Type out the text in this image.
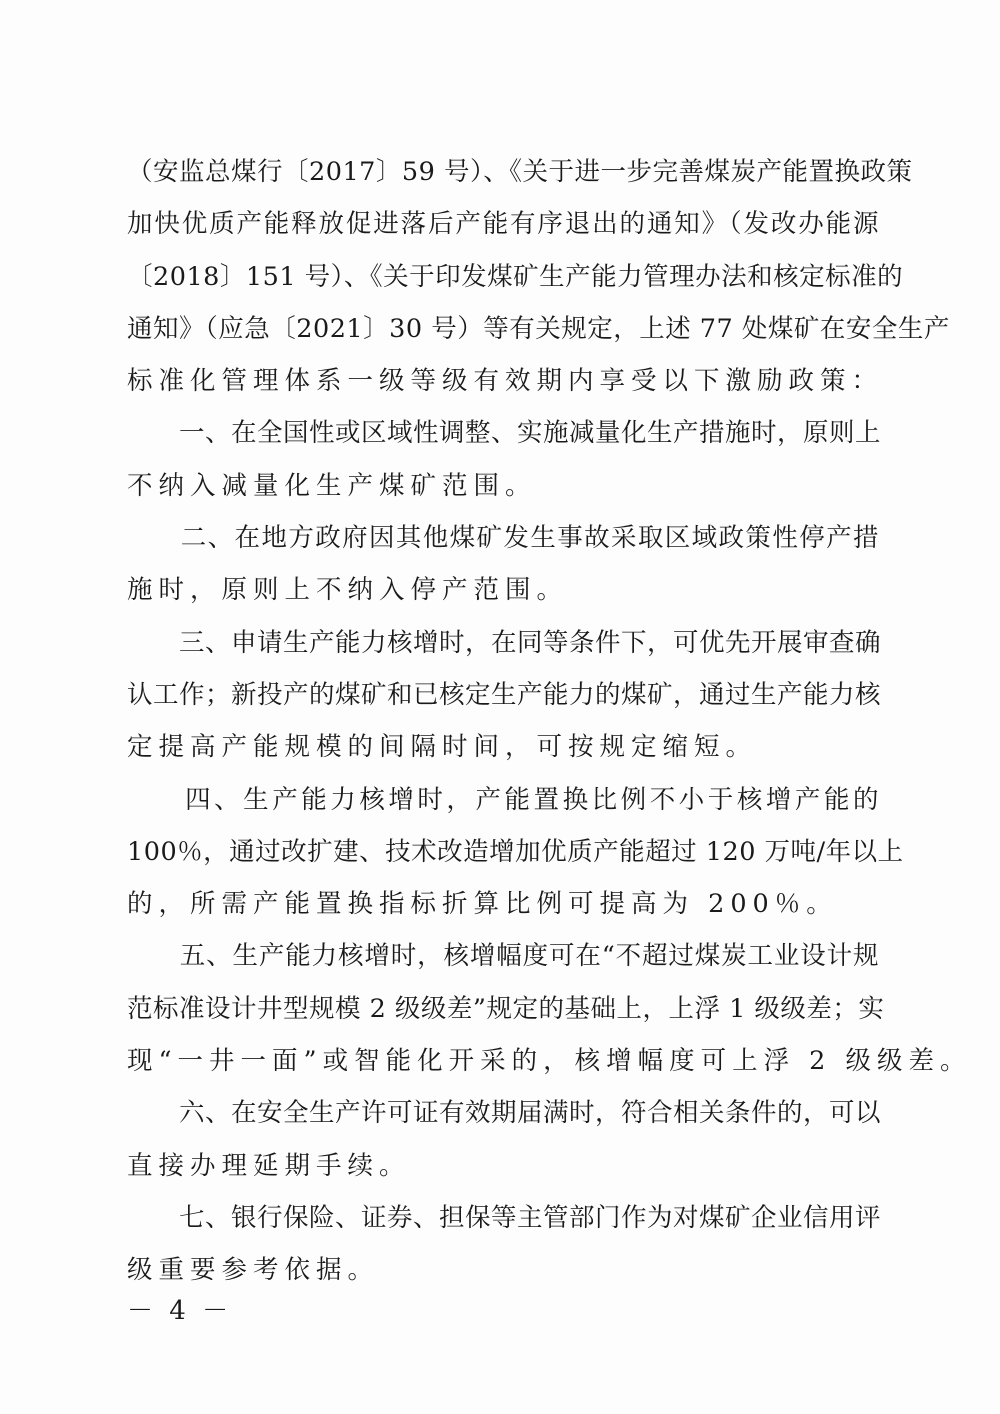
（安监总煤行〔2017〕59 号）、《关于进一步完善煤炭产能置换政策
加快优质产能释放促进落后产能有序退出的通知》（发改办能源
〔2018〕151 号）、《关于印发煤矿生产能力管理办法和核定标准的
通知》（应急〔2021〕30 号）等有关规定，上述 77 处煤矿在安全生产
标准化管理体系一级等级有效期内享受以下激励政策：
　　一、在全国性或区域性调整、实施减量化生产措施时，原则上
不纳入减量化生产煤矿范围。
　　二、在地方政府因其他煤矿发生事故采取区域政策性停产措
施时，原则上不纳入停产范围。
　　三、申请生产能力核增时，在同等条件下，可优先开展审查确
认工作；新投产的煤矿和已核定生产能力的煤矿，通过生产能力核
定提高产能规模的间隔时间，可按规定缩短。
　　四、生产能力核增时，产能置换比例不小于核增产能的
100％，通过改扩建、技术改造增加优质产能超过 120 万吨/年以上
的，所需产能置换指标折算比例可提高为 200％。
　　五、生产能力核增时，核增幅度可在“不超过煤炭工业设计规
范标准设计井型规模 2 级级差”规定的基础上，上浮 1 级级差；实
现“一井一面”或智能化开采的，核增幅度可上浮 2 级级差。
　　六、在安全生产许可证有效期届满时，符合相关条件的，可以
直接办理延期手续。
　　七、银行保险、证券、担保等主管部门作为对煤矿企业信用评
级重要参考依据。
－ 4 －
